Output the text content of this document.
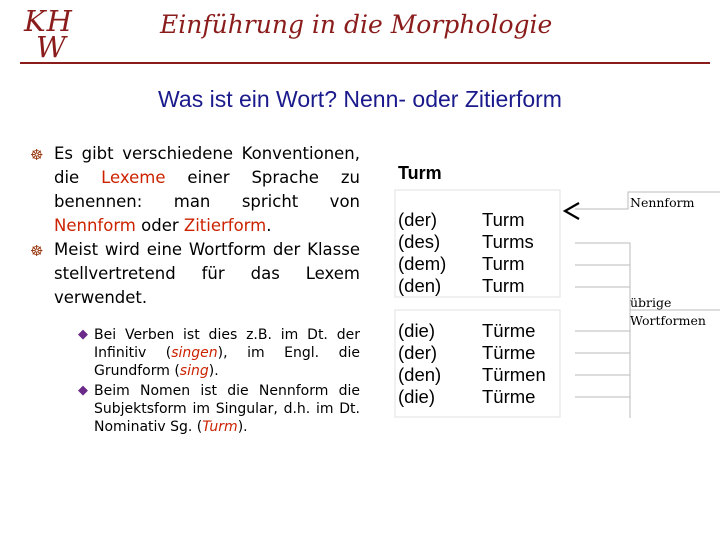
KH
W
Einführung in die Morphologie
Was ist ein Wort? Nenn- oder Zitierform
☸ Es gibt verschiedene Konventionen, die Lexeme einer Sprache zu benennen: man spricht von Nennform oder Zitierform.
☸ Meist wird eine Wortform der Klasse stellvertretend für das Lexem verwendet.
◆ Bei Verben ist dies z.B. im Dt. der Infinitiv (singen), im Engl. die Grundform (sing).
◆ Beim Nomen ist die Nennform die Subjektsform im Singular, d.h. im Dt. Nominativ Sg. (Turm).
Turm
(der) Turm
(des) Turms
(dem) Turm
(den) Turm
(die)	Türme
(der) Türme
(den) Türmen
(die)	Türme
Nennform
übrige
Wortformen
